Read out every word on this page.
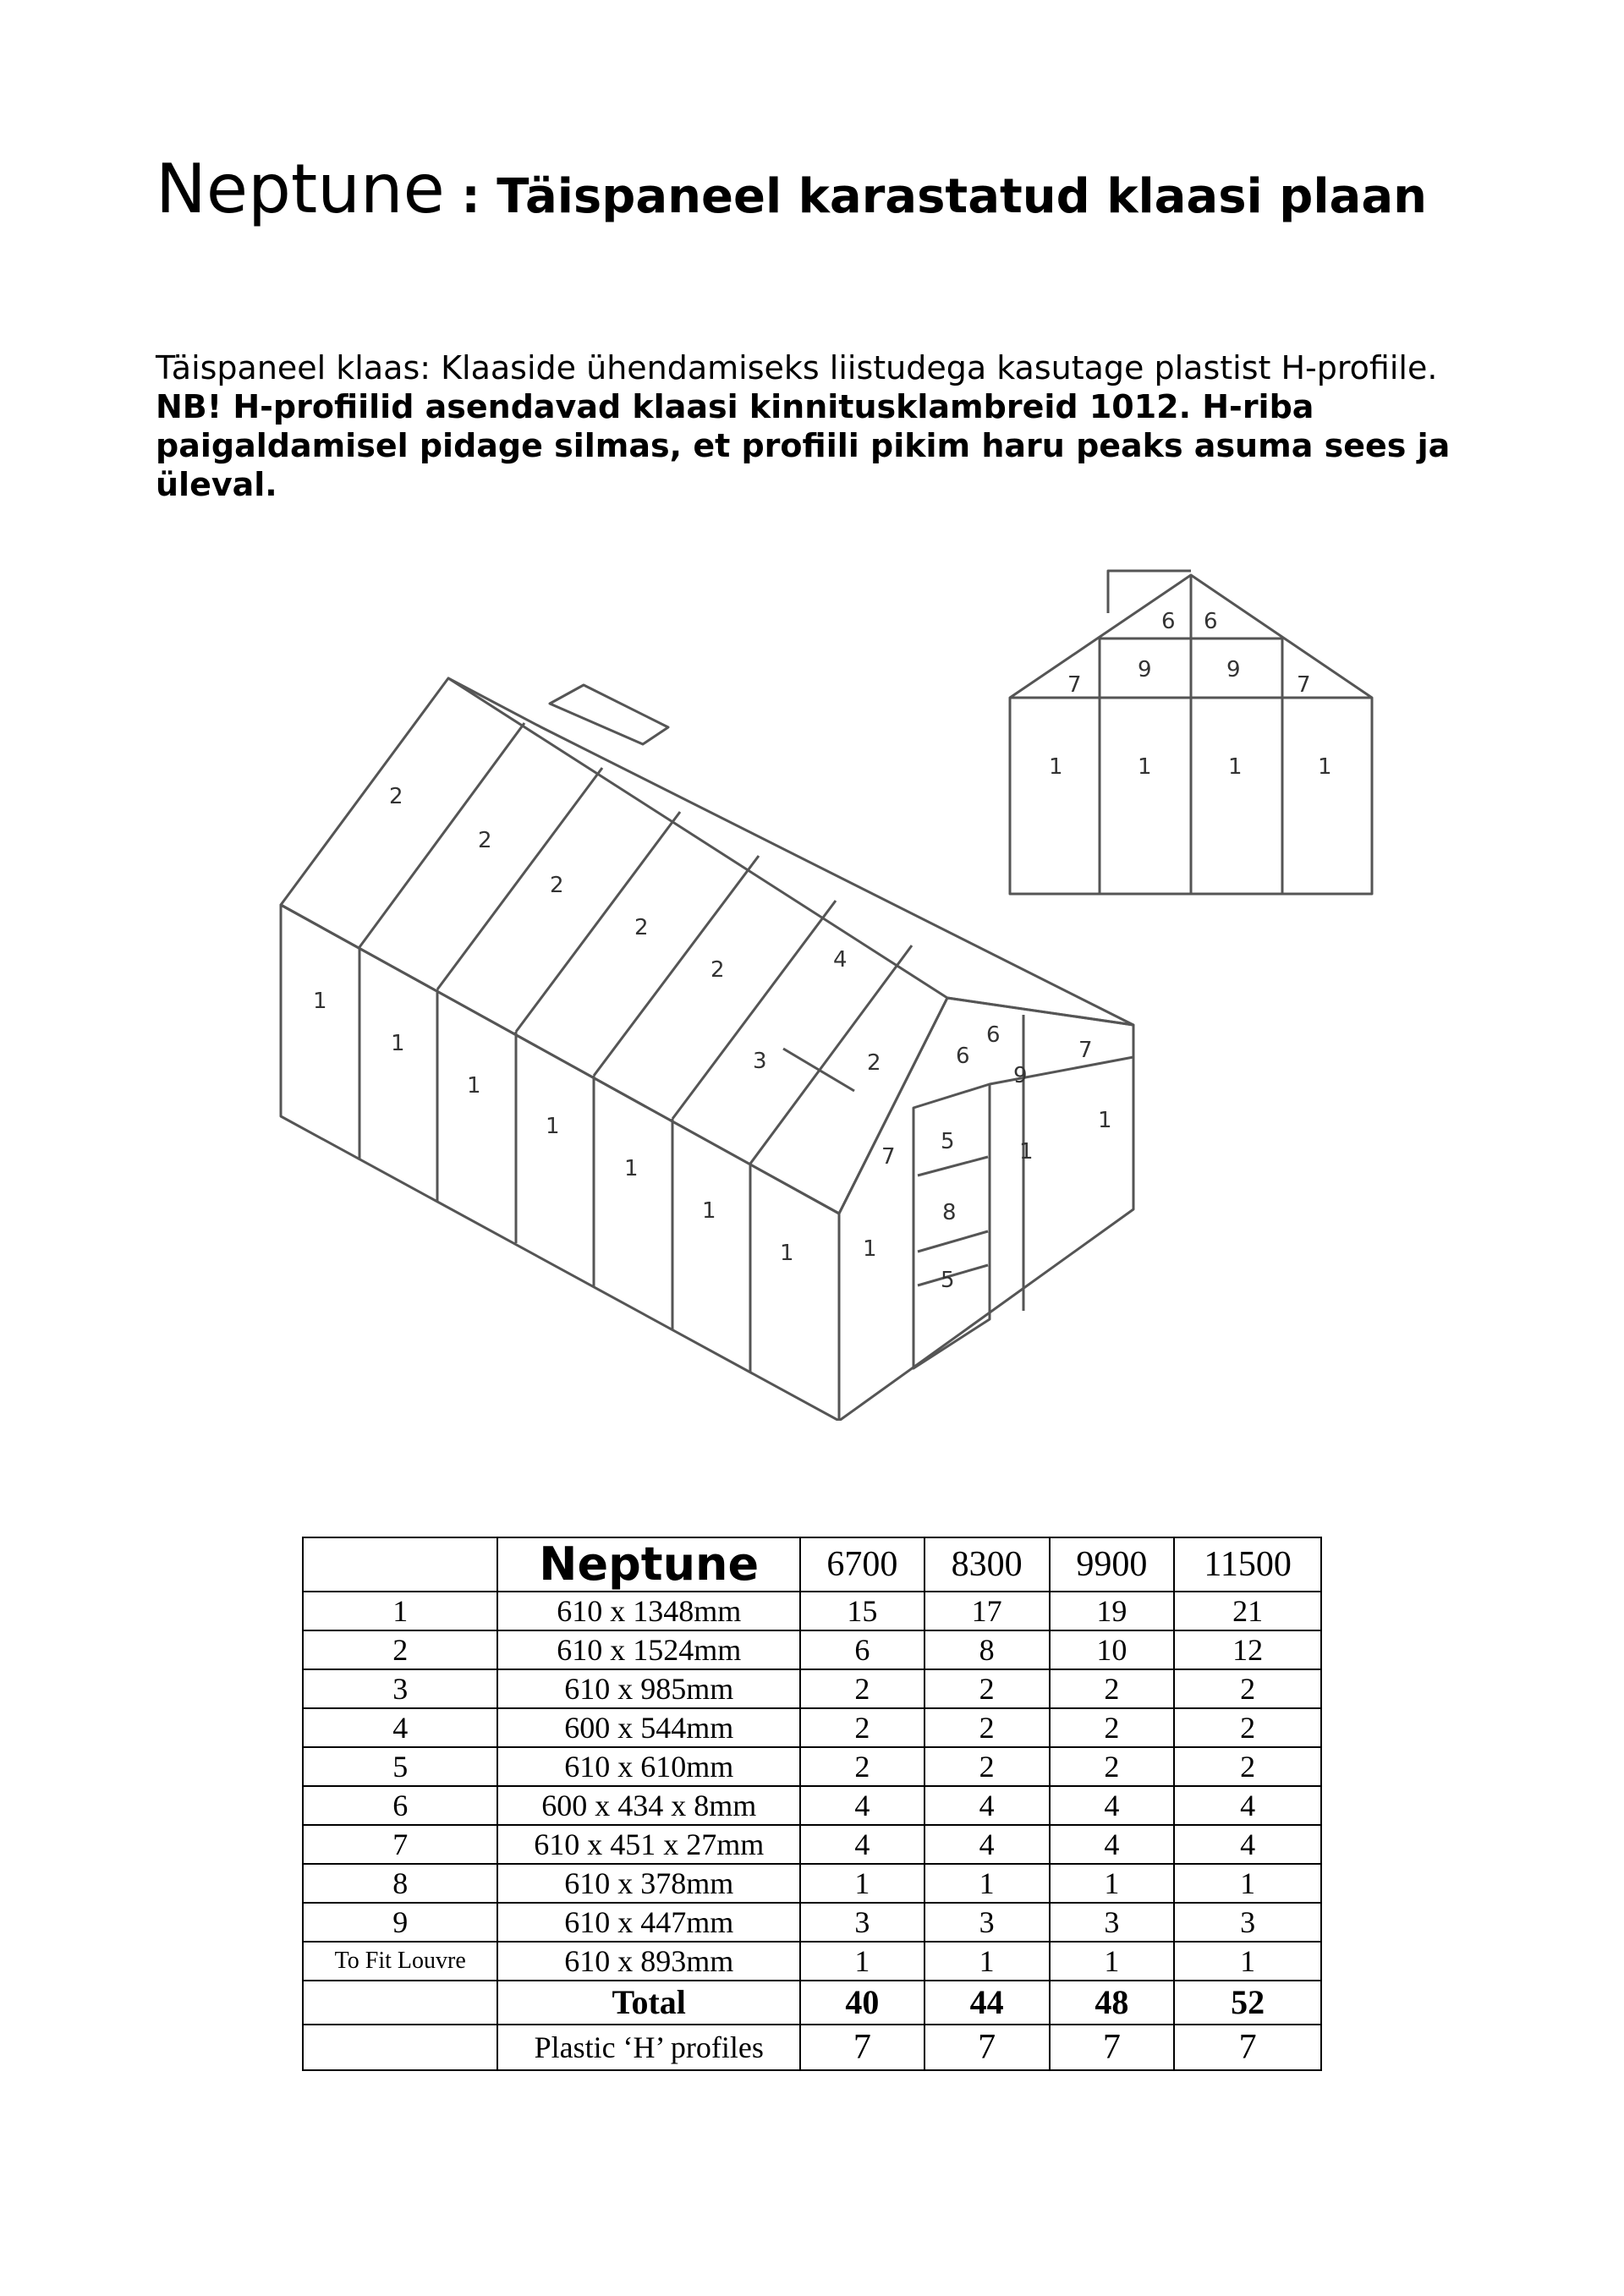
Neptune : Täispaneel karastatud klaasi plaan
Täispaneel klaas: Klaaside ühendamiseks liistudega kasutage plastist H-profiile.
NB! H-profiilid asendavad klaasi kinnitusklambreid 1012. H-riba paigaldamisel pidage silmas, et profiili pikim haru peaks asuma sees ja üleval.
1
1
1
1
1
1
1	1
2
2
2
2
2
2
3
4
5
5
6
6
7
7
8
9
1
1
6 6
7
9	9
7
1	1	1	1
	Neptune	6700	8300	9900	11500
1	610 x 1348mm	15	17	19	21
2	610 x 1524mm	6	8	10	12
3	610 x 985mm	2	2	2	2
4	600 x 544mm	2	2	2	2
5	610 x 610mm	2	2	2	2
6	600 x 434 x 8mm	4	4	4	4
7	610 x 451 x 27mm	4	4	4	4
8	610 x 378mm	1	1	1	1
9	610 x 447mm	3	3	3	3
To Fit Louvre	610 x 893mm	1	1	1	1
	Total	40	44	48	52
	Plastic ‘H’ profiles	7	7	7	7
